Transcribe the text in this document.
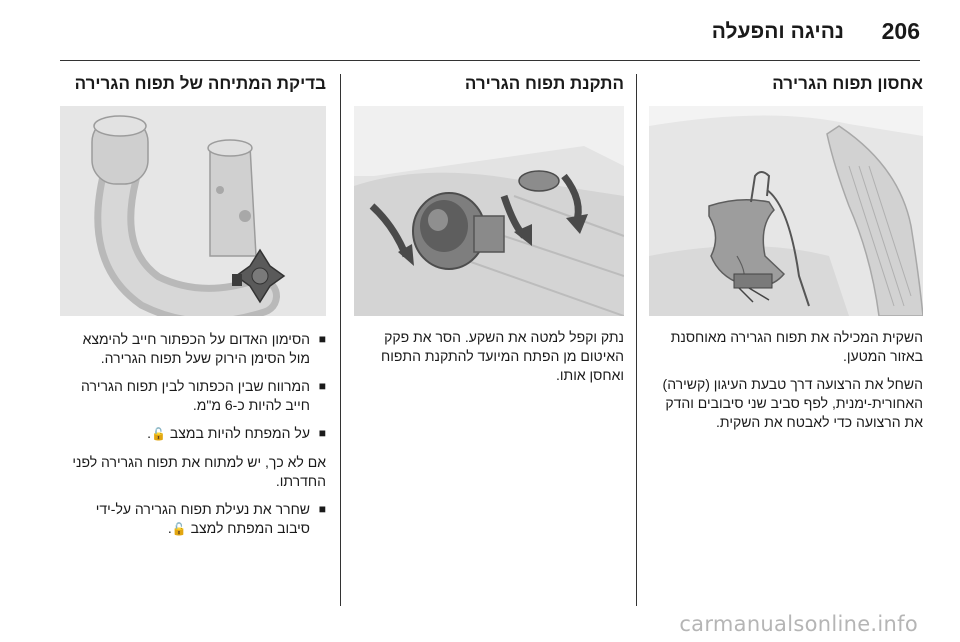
206
נהיגה והפעלה
אחסון תפוח הגרירה

השקית המכילה את תפוח הגרירה מאוחסנת באזור המטען.

השחל את הרצועה דרך טבעת העיגון (קשירה) האחורית-ימנית, לפף סביב שני סיבובים והדק את הרצועה כדי לאבטח את השקית.

התקנת תפוח הגרירה

נתק וקפל למטה את השקע. הסר את פקק האיטום מן הפתח המיועד להתקנת התפוח ואחסן אותו.

בדיקת המתיחה של תפוח הגרירה
■
הסימון האדום על הכפתור חייב להימצא מול הסימן הירוק שעל תפוח הגרירה.
■
המרווח שבין הכפתור לבין תפוח הגרירה חייב להיות כ-6 מ"מ.
■
על המפתח להיות במצב 🔓.

אם לא כך, יש למתוח את תפוח הגרירה לפני החדרתו.

■
שחרר את נעילת תפוח הגרירה על-ידי סיבוב המפתח למצב 🔓.
carmanualsonline.info
